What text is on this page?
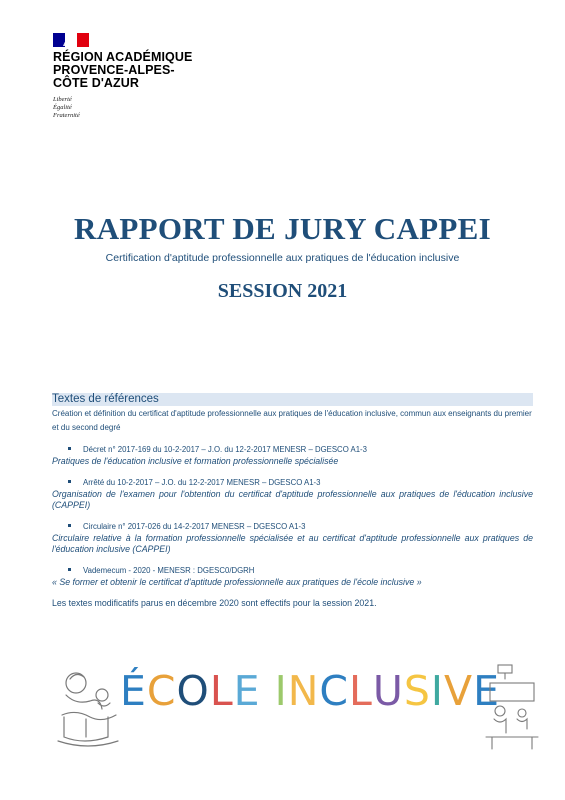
RÉGION ACADÉMIQUE
PROVENCE-ALPES-
CÔTE D'AZUR
Liberté
Égalité
Fraternité
RAPPORT DE JURY CAPPEI
Certification d'aptitude professionnelle aux pratiques de l'éducation inclusive
SESSION 2021
Textes de références
Création et définition du certificat d'aptitude professionnelle aux pratiques de l'éducation inclusive, commun aux enseignants du premier et du second degré
Décret n° 2017-169 du 10-2-2017 – J.O. du 12-2-2017 MENESR – DGESCO A1-3
Pratiques de l'éducation inclusive et formation professionnelle spécialisée
Arrêté du 10-2-2017 – J.O. du 12-2-2017 MENESR – DGESCO A1-3
Organisation de l'examen pour l'obtention du certificat d'aptitude professionnelle aux pratiques de l'éducation inclusive (CAPPEI)
Circulaire n° 2017-026 du 14-2-2017 MENESR – DGESCO A1-3
Circulaire relative à la formation professionnelle spécialisée et au certificat d'aptitude professionnelle aux pratiques de l'éducation inclusive (CAPPEI)
Vademecum - 2020 - MENESR : DGESC0/DGRH
« Se former et obtenir le certificat d'aptitude professionnelle aux pratiques de l'école inclusive »
Les textes modificatifs parus en décembre 2020 sont effectifs pour la session 2021.
ÉCOLE INCLUSIVE
